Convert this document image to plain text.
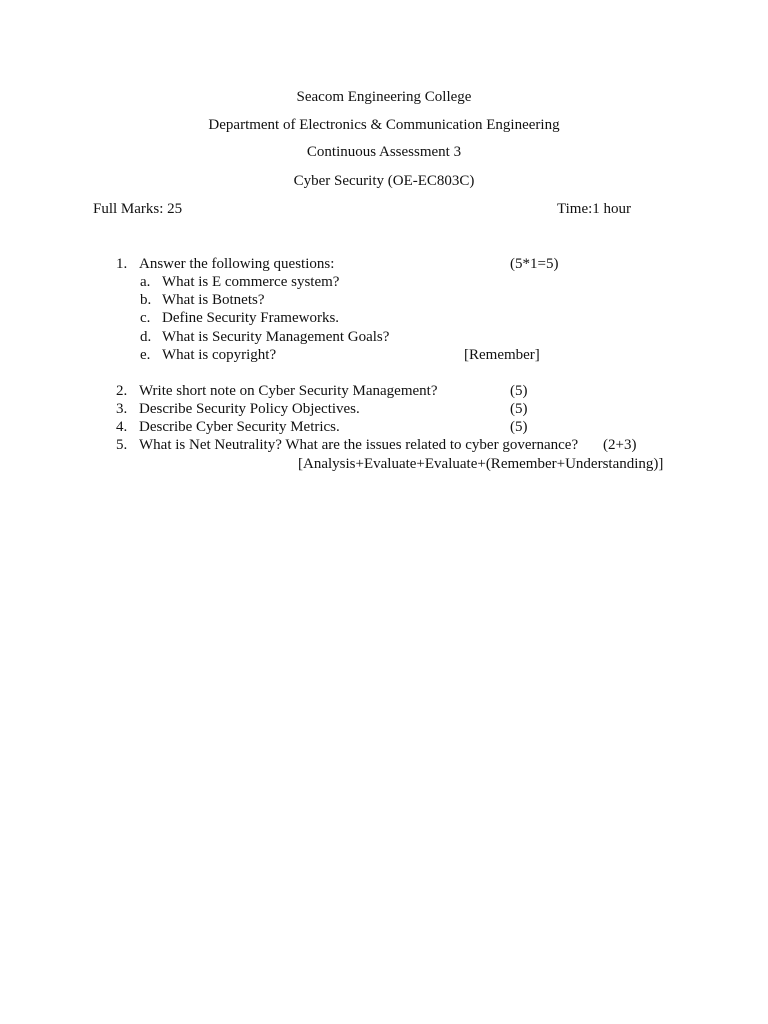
Seacom Engineering College
Department of Electronics & Communication Engineering
Continuous Assessment 3
Cyber Security (OE-EC803C)
Full Marks: 25	Time:1 hour
1. Answer the following questions:	(5*1=5)
a. What is E commerce system?
b. What is Botnets?
c. Define Security Frameworks.
d. What is Security Management Goals?
e. What is copyright?	[Remember]
2. Write short note on Cyber Security Management?	(5)
3. Describe Security Policy Objectives.	(5)
4. Describe Cyber Security Metrics.	(5)
5. What is Net Neutrality? What are the issues related to cyber governance? (2+3)
[Analysis+Evaluate+Evaluate+(Remember+Understanding)]
